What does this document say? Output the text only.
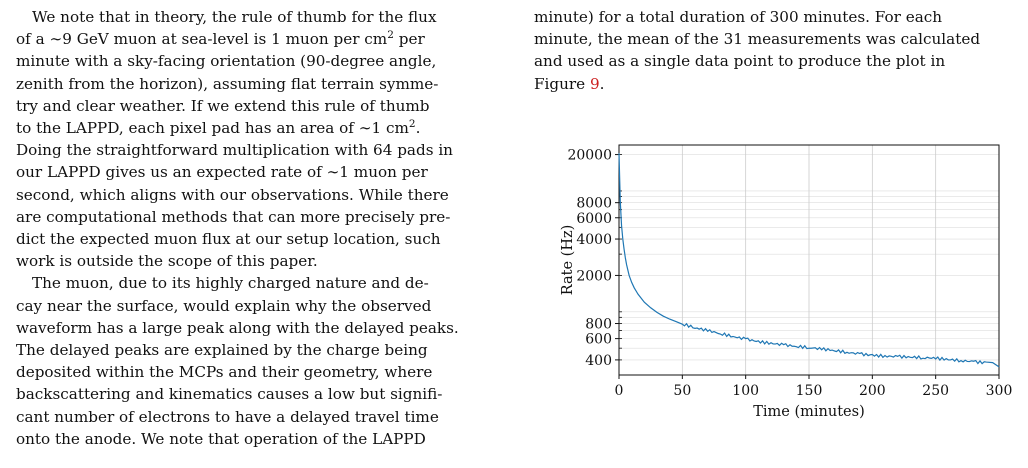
We note that in theory, the rule of thumb for the flux
of a ∼9 GeV muon at sea-level is 1 muon per $cm^2$ per
minute with a sky-facing orientation (90-degree angle,
zenith from the horizon), assuming flat terrain symme-
try and clear weather. If we extend this rule of thumb
to the LAPPD, each pixel pad has an area of ∼1 $cm^2$.
Doing the straightforward multiplication with 64 pads in
our LAPPD gives us an expected rate of ∼1 muon per
second, which aligns with our observations. While there
are computational methods that can more precisely pre-
dict the expected muon flux at our setup location, such
work is outside the scope of this paper.

The muon, due to its highly charged nature and de-
cay near the surface, would explain why the observed
waveform has a large peak along with the delayed peaks.
The delayed peaks are explained by the charge being
deposited within the MCPs and their geometry, where
backscattering and kinematics causes a low but signifi-
cant number of electrons to have a delayed travel time
onto the anode. We note that operation of the LAPPD

minute) for a total duration of 300 minutes. For each
minute, the mean of the 31 measurements was calculated
and used as a single data point to produce the plot in
Figure 9.

0	50	100	150	200	250	300
400
600
800
2000
4000
6000
8000
20000
Time (minutes)
Rate (Hz)
